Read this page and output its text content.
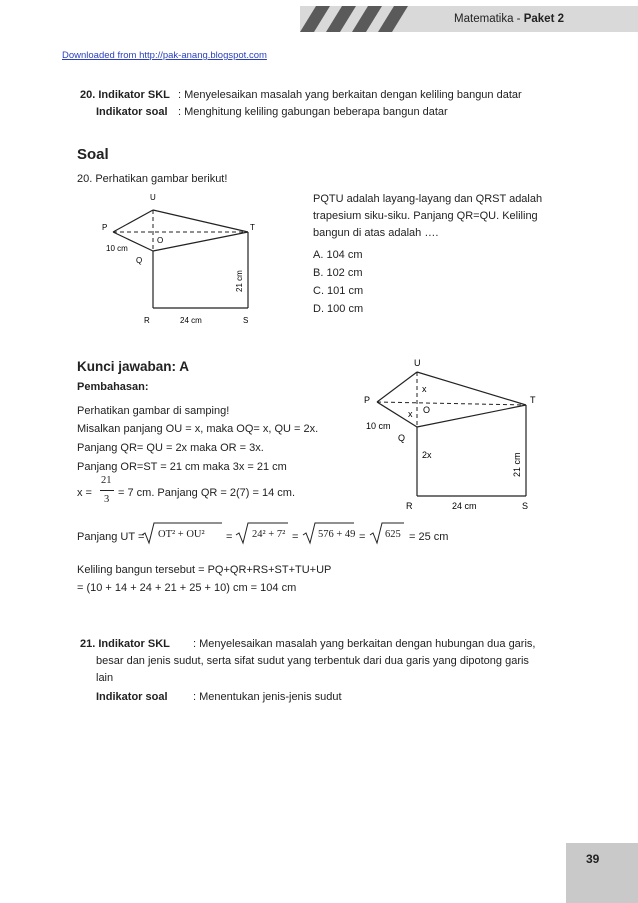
Matematika - Paket 2
Downloaded from http://pak-anang.blogspot.com
20. Indikator SKL : Menyelesaikan masalah yang berkaitan dengan keliling bangun datar
Indikator soal : Menghitung keliling gabungan beberapa bangun datar
Soal
20. Perhatikan gambar berikut!
U
P	T
O
Q
R	S
10 cm
24 cm
21 cm
PQTU adalah layang-layang dan QRST adalah
trapesium siku-siku. Panjang QR=QU. Keliling
bangun di atas adalah ….
A. 104 cm
B. 102 cm
C. 101 cm
D. 100 cm
Kunci jawaban: A
Pembahasan:
Perhatikan gambar di samping!
Misalkan panjang OU = x, maka OQ= x, QU = 2x.
Panjang QR= QU = 2x maka OR = 3x.
Panjang OR=ST = 21 cm maka 3x = 21 cm
x =
21
3
= 7 cm. Panjang QR = 2(7) = 14 cm.
Panjang UT = OT² + OU² = 24² + 7² = 576 + 49 = 625 = 25 cm
Keliling bangun tersebut = PQ+QR+RS+ST+TU+UP
= (10 + 14 + 24 + 21 + 25 + 10) cm = 104 cm
U
P	T
O
Q
R	S
x
x
2x
10 cm
24 cm
21 cm
21. Indikator SKL : Menyelesaikan masalah yang berkaitan dengan hubungan dua garis,
besar dan jenis sudut, serta sifat sudut yang terbentuk dari dua garis yang dipotong garis
lain
Indikator soal : Menentukan jenis-jenis sudut
39
